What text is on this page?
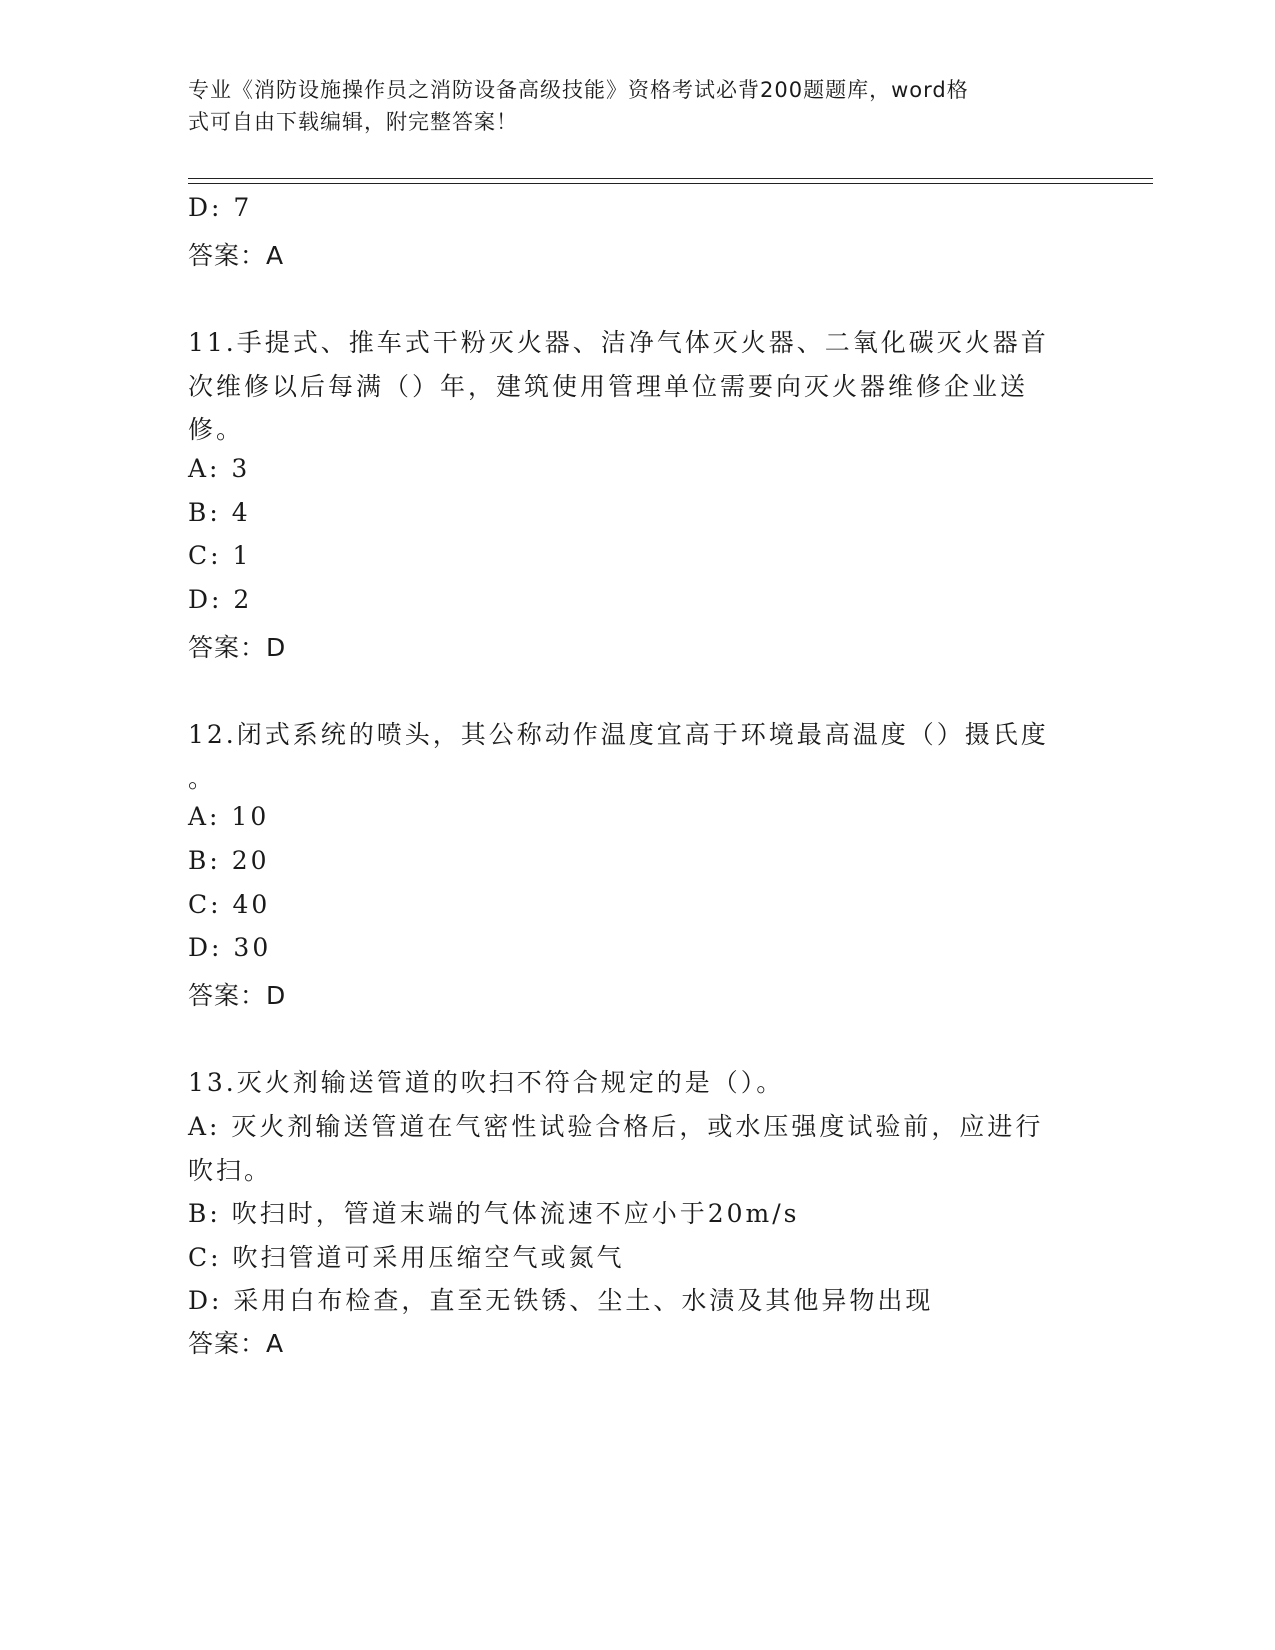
专业《消防设施操作员之消防设备高级技能》资格考试必背200题题库，word格
式可自由下载编辑，附完整答案！
D: 7
答案：A
11.手提式、推车式干粉灭火器、洁净气体灭火器、二氧化碳灭火器首
次维修以后每满（）年，建筑使用管理单位需要向灭火器维修企业送
修。
A: 3
B: 4
C: 1
D: 2
答案：D
12.闭式系统的喷头，其公称动作温度宜高于环境最高温度（）摄氏度
。
A: 10
B: 20
C: 40
D: 30
答案：D
13.灭火剂输送管道的吹扫不符合规定的是（）。
A: 灭火剂输送管道在气密性试验合格后，或水压强度试验前，应进行
吹扫。
B: 吹扫时，管道末端的气体流速不应小于20m/s
C: 吹扫管道可采用压缩空气或氮气
D: 采用白布检查，直至无铁锈、尘土、水渍及其他异物出现
答案：A
